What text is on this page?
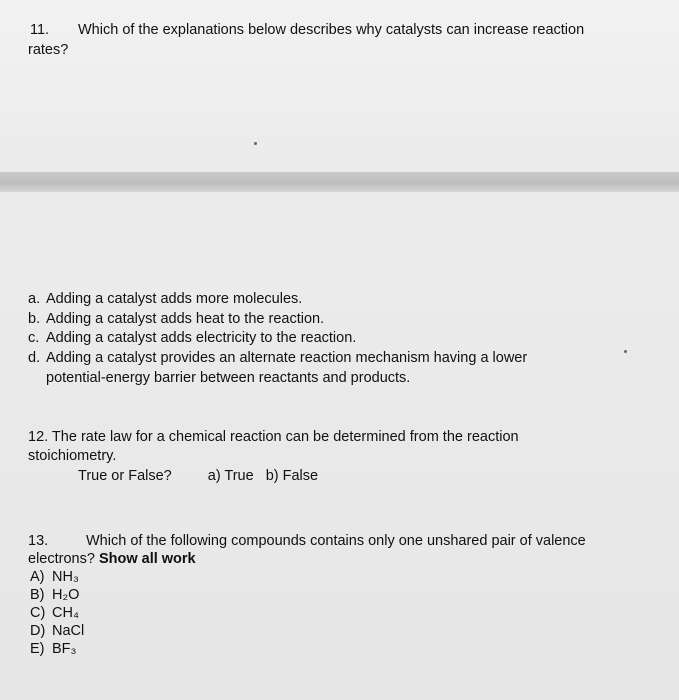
11. Which of the explanations below describes why catalysts can increase reaction
rates?
a. Adding a catalyst adds more molecules.
b. Adding a catalyst adds heat to the reaction.
c. Adding a catalyst adds electricity to the reaction.
d. Adding a catalyst provides an alternate reaction mechanism having a lower
potential-energy barrier between reactants and products.
12. The rate law for a chemical reaction can be determined from the reaction
stoichiometry.
True or False? a) True b) False
13.	Which of the following compounds contains only one unshared pair of valence
electrons? Show all work
A) NH₃
B) H₂O
C) CH₄
D) NaCl
E) BF₃
